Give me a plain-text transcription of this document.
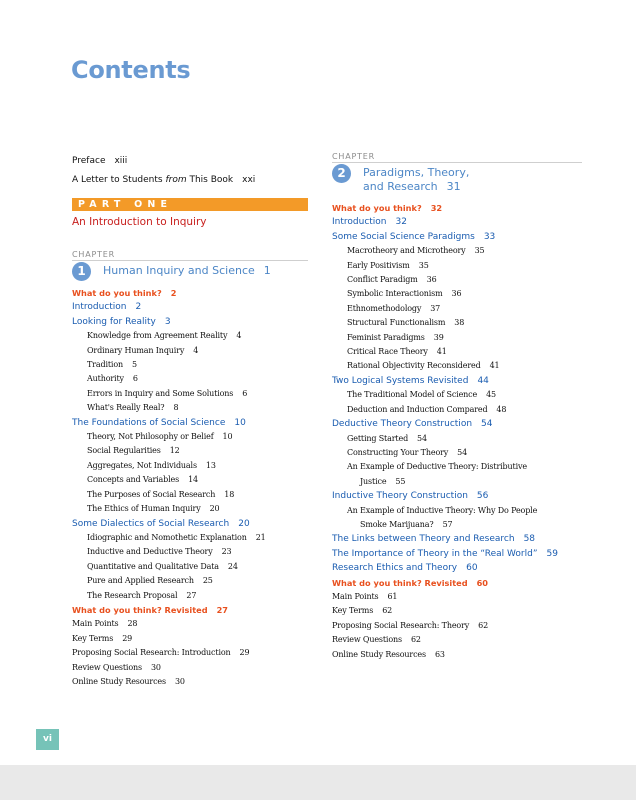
Contents
Preface xiii
A Letter to Students from This Book xxi
PART ONE
An Introduction to Inquiry
CHAPTER
1	Human Inquiry and Science 1
What do you think? 2
Introduction 2
Looking for Reality 3
Knowledge from Agreement Reality 4
Ordinary Human Inquiry 4
Tradition 5
Authority 6
Errors in Inquiry and Some Solutions 6
What's Really Real? 8
The Foundations of Social Science 10
Theory, Not Philosophy or Belief 10
Social Regularities 12
Aggregates, Not Individuals 13
Concepts and Variables 14
The Purposes of Social Research 18
The Ethics of Human Inquiry 20
Some Dialectics of Social Research 20
Idiographic and Nomothetic Explanation 21
Inductive and Deductive Theory 23
Quantitative and Qualitative Data 24
Pure and Applied Research 25
The Research Proposal 27
What do you think? Revisited 27
Main Points 28
Key Terms 29
Proposing Social Research: Introduction 29
Review Questions 30
Online Study Resources 30
CHAPTER
2	Paradigms, Theory,
and Research 31
What do you think? 32
Introduction 32
Some Social Science Paradigms 33
Macrotheory and Microtheory 35
Early Positivism 35
Conflict Paradigm 36
Symbolic Interactionism 36
Ethnomethodology 37
Structural Functionalism 38
Feminist Paradigms 39
Critical Race Theory 41
Rational Objectivity Reconsidered 41
Two Logical Systems Revisited 44
The Traditional Model of Science 45
Deduction and Induction Compared 48
Deductive Theory Construction 54
Getting Started 54
Constructing Your Theory 54
An Example of Deductive Theory: Distributive
Justice 55
Inductive Theory Construction 56
An Example of Inductive Theory: Why Do People
Smoke Marijuana? 57
The Links between Theory and Research 58
The Importance of Theory in the “Real World” 59
Research Ethics and Theory 60
What do you think? Revisited 60
Main Points 61
Key Terms 62
Proposing Social Research: Theory 62
Review Questions 62
Online Study Resources 63
vi
